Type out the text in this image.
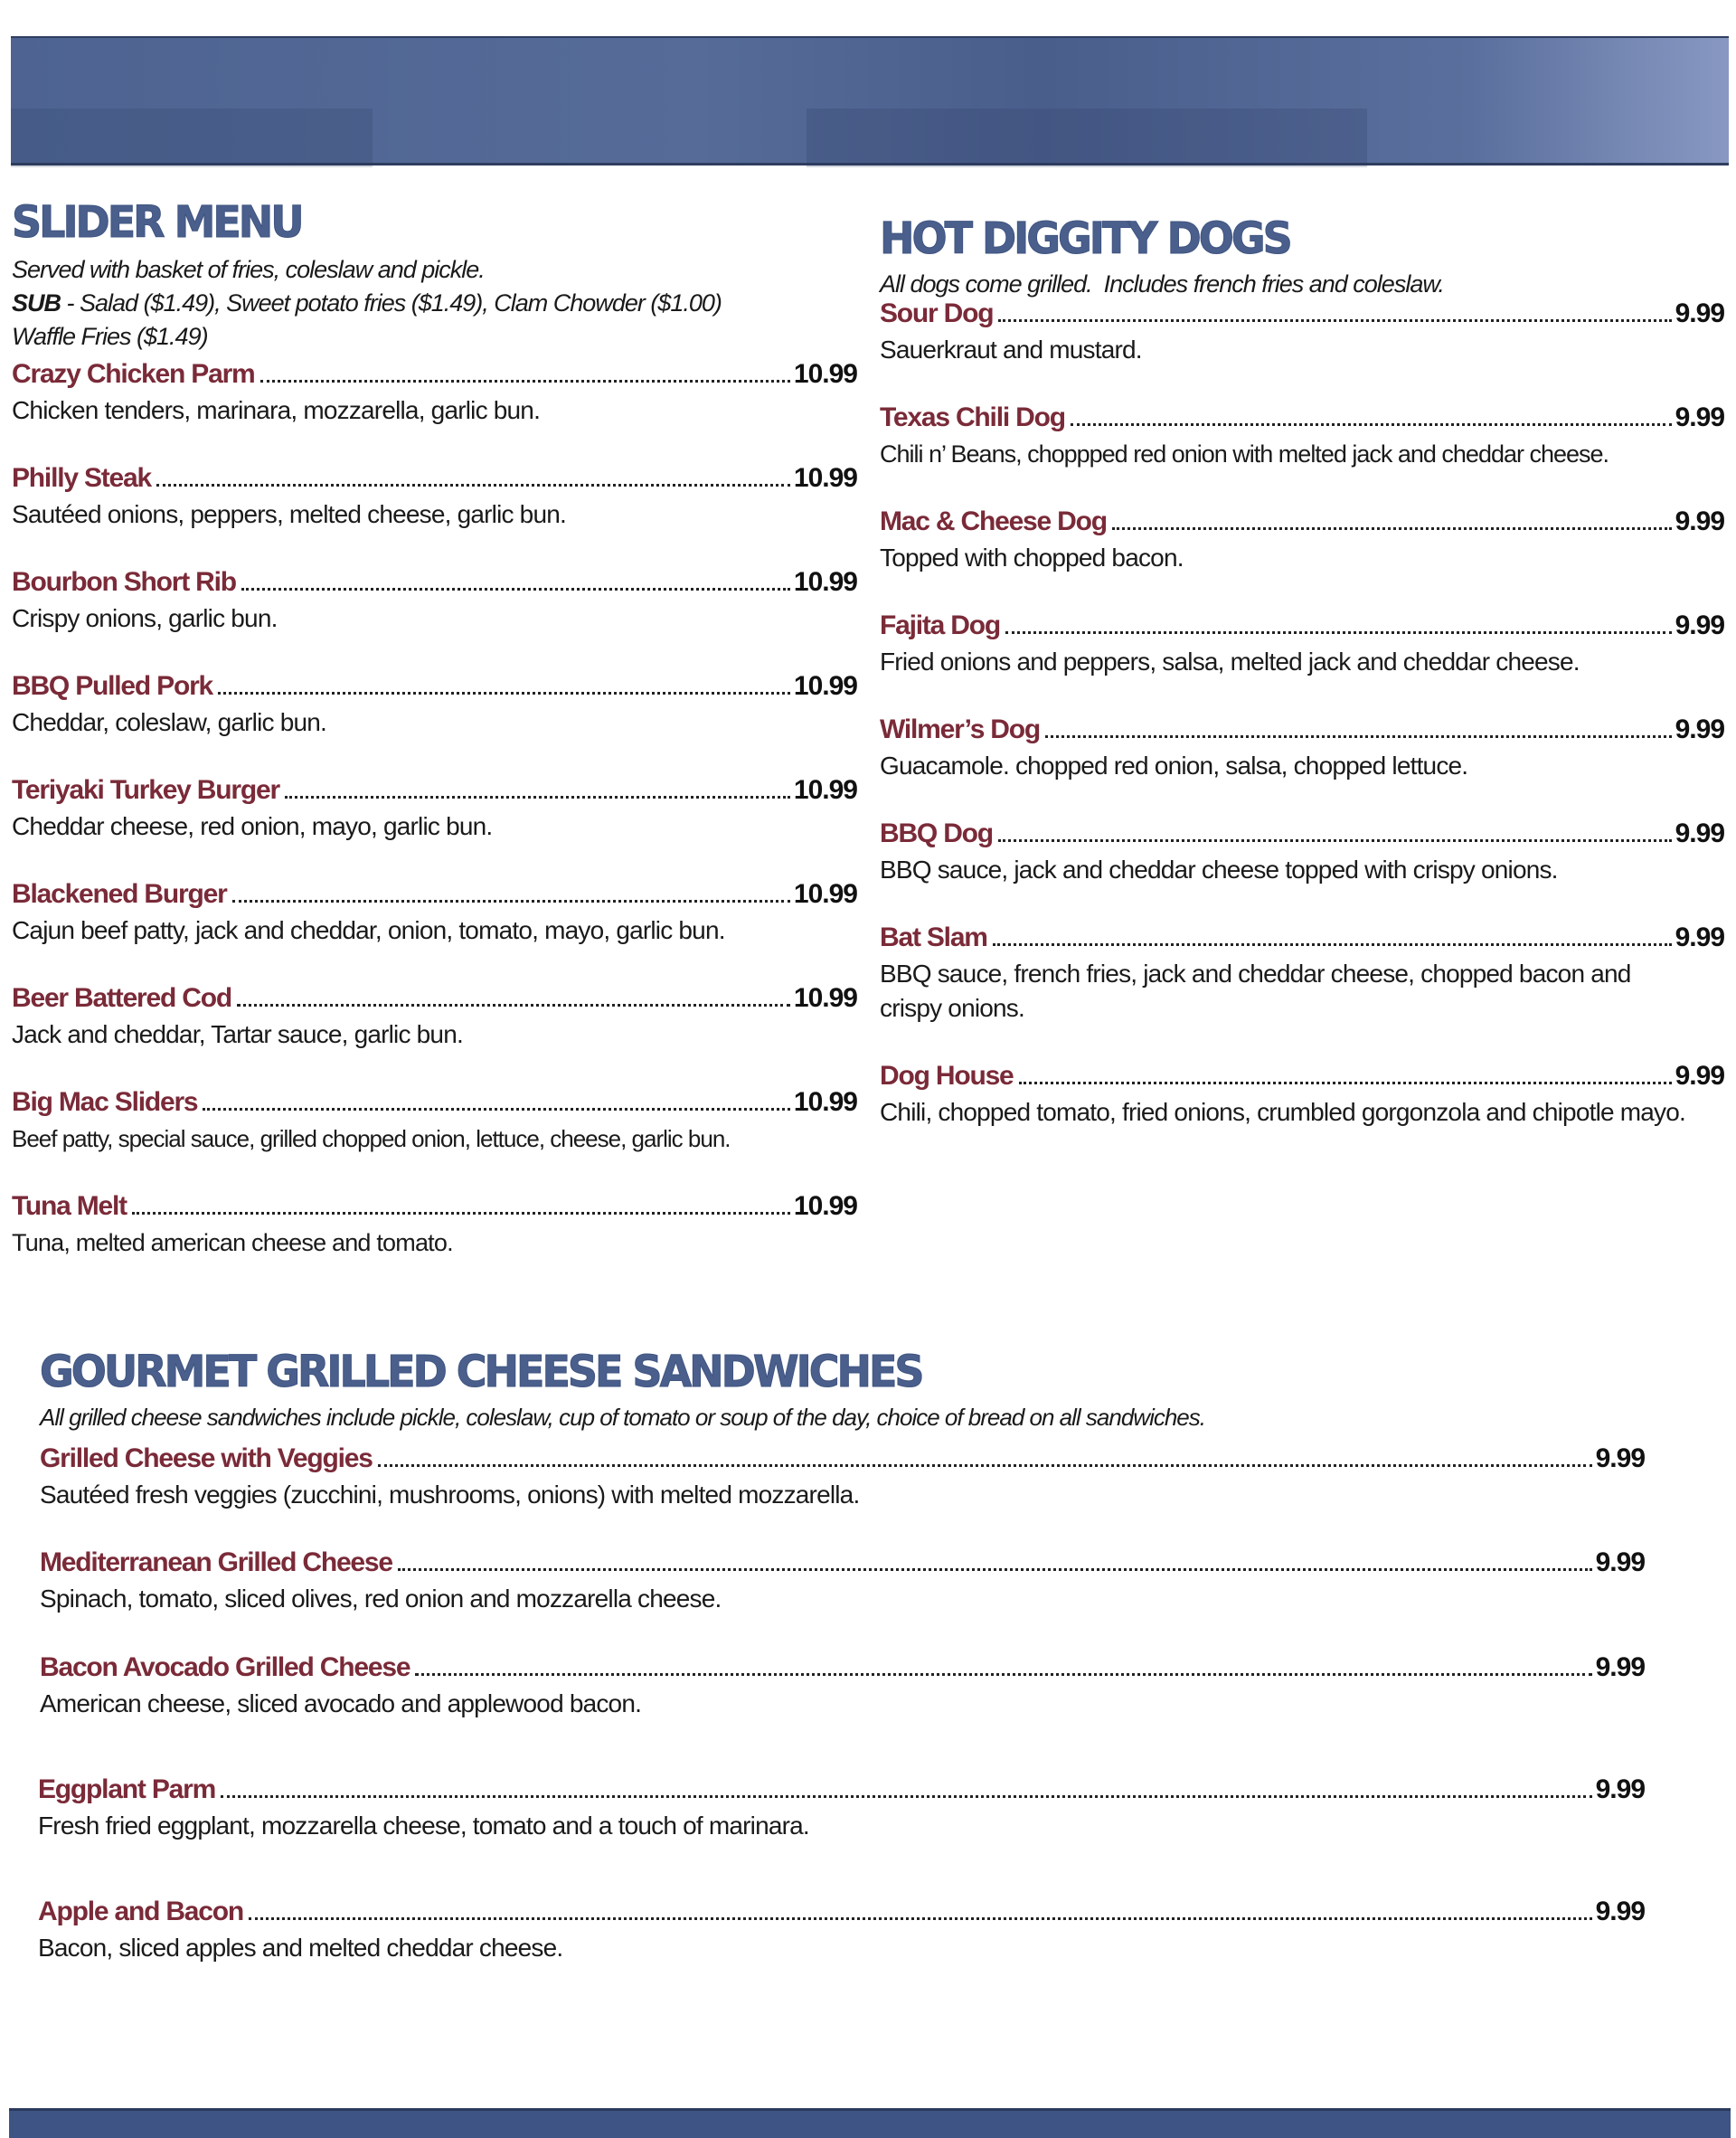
SLIDER MENU
Served with basket of fries, coleslaw and pickle.
SUB - Salad ($1.49), Sweet potato fries ($1.49), Clam Chowder ($1.00)
Waffle Fries ($1.49)
Crazy Chicken Parm	10.99
Chicken tenders, marinara, mozzarella, garlic bun.
Philly Steak	10.99
Sautéed onions, peppers, melted cheese, garlic bun.
Bourbon Short Rib	10.99
Crispy onions, garlic bun.
BBQ Pulled Pork	10.99
Cheddar, coleslaw, garlic bun.
Teriyaki Turkey Burger	10.99
Cheddar cheese, red onion, mayo, garlic bun.
Blackened Burger	10.99
Cajun beef patty, jack and cheddar, onion, tomato, mayo, garlic bun.
Beer Battered Cod	10.99
Jack and cheddar, Tartar sauce, garlic bun.
Big Mac Sliders	10.99
Beef patty, special sauce, grilled chopped onion, lettuce, cheese, garlic bun.
Tuna Melt	10.99
Tuna, melted american cheese and tomato.
HOT DIGGITY DOGS
All dogs come grilled.  Includes french fries and coleslaw.
Sour Dog	9.99
Sauerkraut and mustard.
Texas Chili Dog	9.99
Chili n’ Beans, choppped red onion with melted jack and cheddar cheese.
Mac & Cheese Dog	9.99
Topped with chopped bacon.
Fajita Dog	9.99
Fried onions and peppers, salsa, melted jack and cheddar cheese.
Wilmer’s Dog	9.99
Guacamole. chopped red onion, salsa, chopped lettuce.
BBQ Dog	9.99
BBQ sauce, jack and cheddar cheese topped with crispy onions.
Bat Slam	9.99
BBQ sauce, french fries, jack and cheddar cheese, chopped bacon and crispy onions.
Dog House	9.99
Chili, chopped tomato, fried onions, crumbled gorgonzola and chipotle mayo.
GOURMET GRILLED CHEESE SANDWICHES
All grilled cheese sandwiches include pickle, coleslaw, cup of tomato or soup of the day, choice of bread on all sandwiches.
Grilled Cheese with Veggies	9.99
Sautéed fresh veggies (zucchini, mushrooms, onions) with melted mozzarella.
Mediterranean Grilled Cheese	9.99
Spinach, tomato, sliced olives, red onion and mozzarella cheese.
Bacon Avocado Grilled Cheese	9.99
American cheese, sliced avocado and applewood bacon.
Eggplant Parm	9.99
Fresh fried eggplant, mozzarella cheese, tomato and a touch of marinara.
Apple and Bacon	9.99
Bacon, sliced apples and melted cheddar cheese.
